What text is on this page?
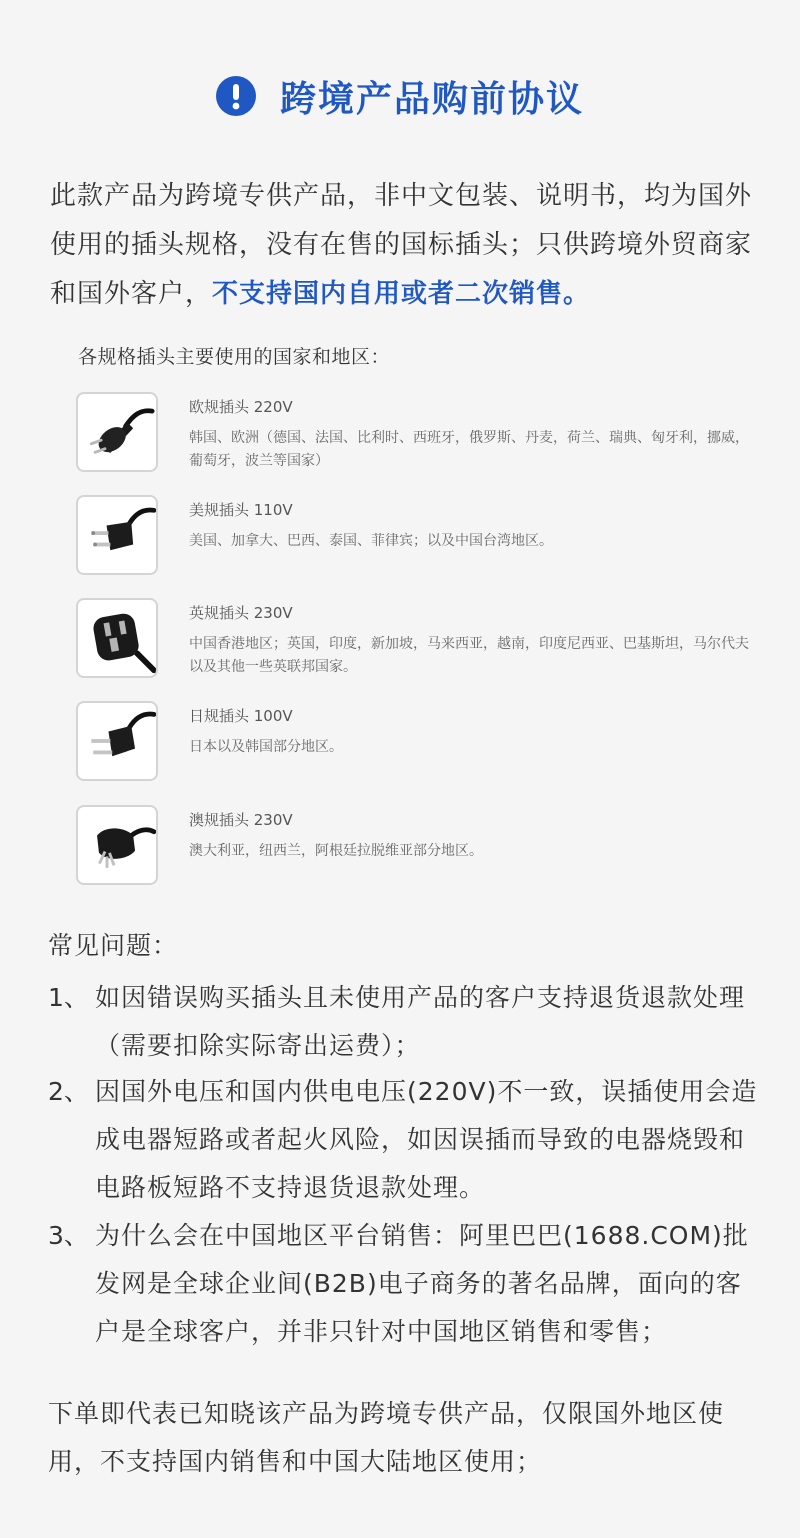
跨境产品购前协议

此款产品为跨境专供产品，非中文包装、说明书，均为国外使用的插头规格，没有在售的国标插头；只供跨境外贸商家和国外客户，不支持国内自用或者二次销售。

各规格插头主要使用的国家和地区：
欧规插头 220V

韩国、欧洲（德国、法国、比利时、西班牙，俄罗斯、丹麦，荷兰、瑞典、匈牙利，挪威，葡萄牙，波兰等国家）

美规插头 110V

美国、加拿大、巴西、泰国、菲律宾；以及中国台湾地区。

英规插头 230V

中国香港地区；英国，印度，新加坡，马来西亚，越南，印度尼西亚、巴基斯坦，马尔代夫以及其他一些英联邦国家。

日规插头 100V

日本以及韩国部分地区。

澳规插头 230V

澳大利亚，纽西兰，阿根廷拉脱维亚部分地区。

常见问题：
1、 如因错误购买插头且未使用产品的客户支持退货退款处理（需要扣除实际寄出运费）；

2、 因国外电压和国内供电电压(220V)不一致，误插使用会造成电器短路或者起火风险，如因误插而导致的电器烧毁和电路板短路不支持退货退款处理。

3、 为什么会在中国地区平台销售：阿里巴巴(1688.COM)批发网是全球企业间(B2B)电子商务的著名品牌，面向的客户是全球客户，并非只针对中国地区销售和零售；

下单即代表已知晓该产品为跨境专供产品，仅限国外地区使用，不支持国内销售和中国大陆地区使用；
